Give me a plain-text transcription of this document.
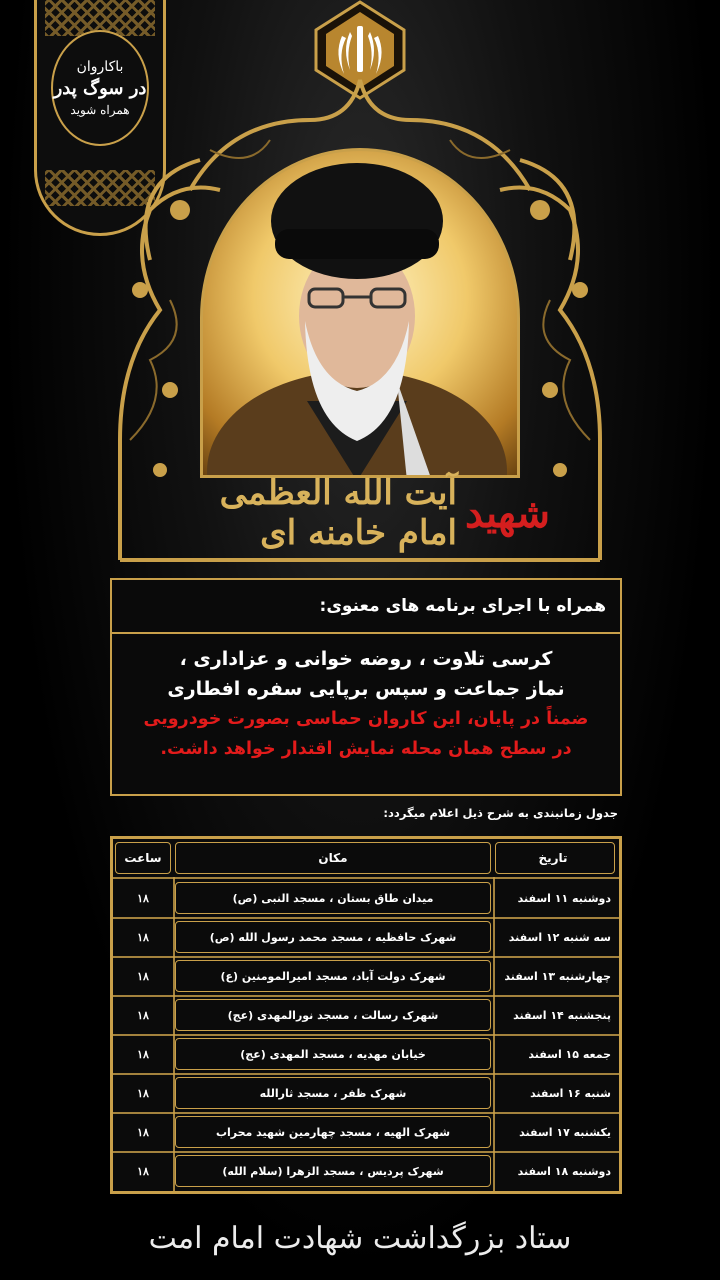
باکاروان
در سوگ پدر
همراه شوید
شهید
آیت الله العظمی امام خامنه ای
همراه با اجرای برنامه های معنوی:
کرسی تلاوت ، روضه خوانی و عزاداری ،
نماز جماعت و سپس برپایی سفره افطاری
ضمناً در پایان، این کاروان حماسی بصورت خودرویی
در سطح همان محله نمایش اقتدار خواهد داشت.
جدول زمانبندی به شرح ذیل اعلام میگردد:
تاریخ
مکان
ساعت
دوشنبه ۱۱ اسفند
میدان طاق بستان ، مسجد النبی (ص)
۱۸
سه شنبه ۱۲ اسفند
شهرک حافظیه ، مسجد محمد رسول الله (ص)
۱۸
چهارشنبه ۱۳ اسفند
شهرک دولت آباد، مسجد امیرالمومنین (ع)
۱۸
پنجشنبه ۱۴ اسفند
شهرک رسالت ، مسجد نورالمهدی (عج)
۱۸
جمعه ۱۵ اسفند
خیابان مهدیه ، مسجد المهدی (عج)
۱۸
شنبه ۱۶ اسفند
شهرک ظفر ، مسجد ثارالله
۱۸
یکشنبه ۱۷ اسفند
شهرک الهیه ، مسجد چهارمین شهید محراب
۱۸
دوشنبه ۱۸ اسفند
شهرک پردیس ، مسجد الزهرا (سلام الله)
۱۸
ستاد بزرگداشت شهادت امام امت
